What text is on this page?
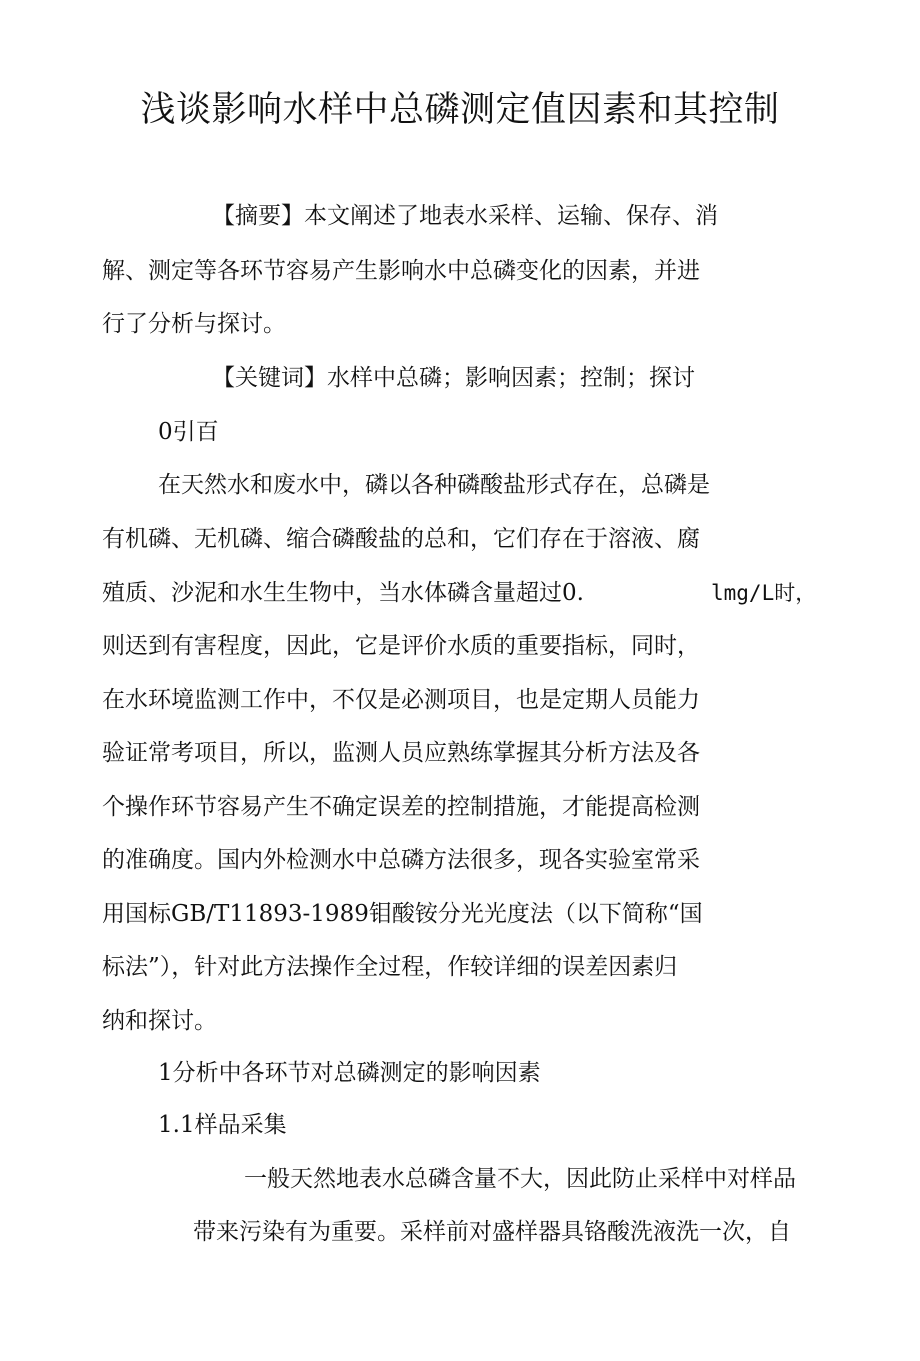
浅谈影响水样中总磷测定值因素和其控制
【摘要】本文阐述了地表水采样、运输、保存、消
解、测定等各环节容易产生影响水中总磷变化的因素，并进
行了分析与探讨。
【关键词】水样中总磷；影响因素；控制；探讨
0引百
在天然水和废水中，磷以各种磷酸盐形式存在，总磷是
有机磷、无机磷、缩合磷酸盐的总和，它们存在于溶液、腐
殖质、沙泥和水生生物中，当水体磷含量超过0.	lmg/L时，
则迗到有害程度，因此，它是评价水质的重要指标，同时，
在水环境监测工作中，不仅是必测项目，也是定期人员能力
验证常考项目，所以，监测人员应熟练掌握其分析方法及各
个操作环节容易产生不确定误差的控制措施，才能提高检测
的准确度。国内外检测水中总磷方法很多，现各实验室常采
用国标GB/T11893-1989钼酸铵分光光度法（以下简称“国
标法”），针对此方法操作全过程，作较详细的误差因素归
纳和探讨。
1分析中各环节对总磷测定的影响因素
1.1样品采集
一般天然地表水总磷含量不大，因此防止采样中对样品
带来污染有为重要。采样前对盛样器具铬酸洗液洗一次，自
